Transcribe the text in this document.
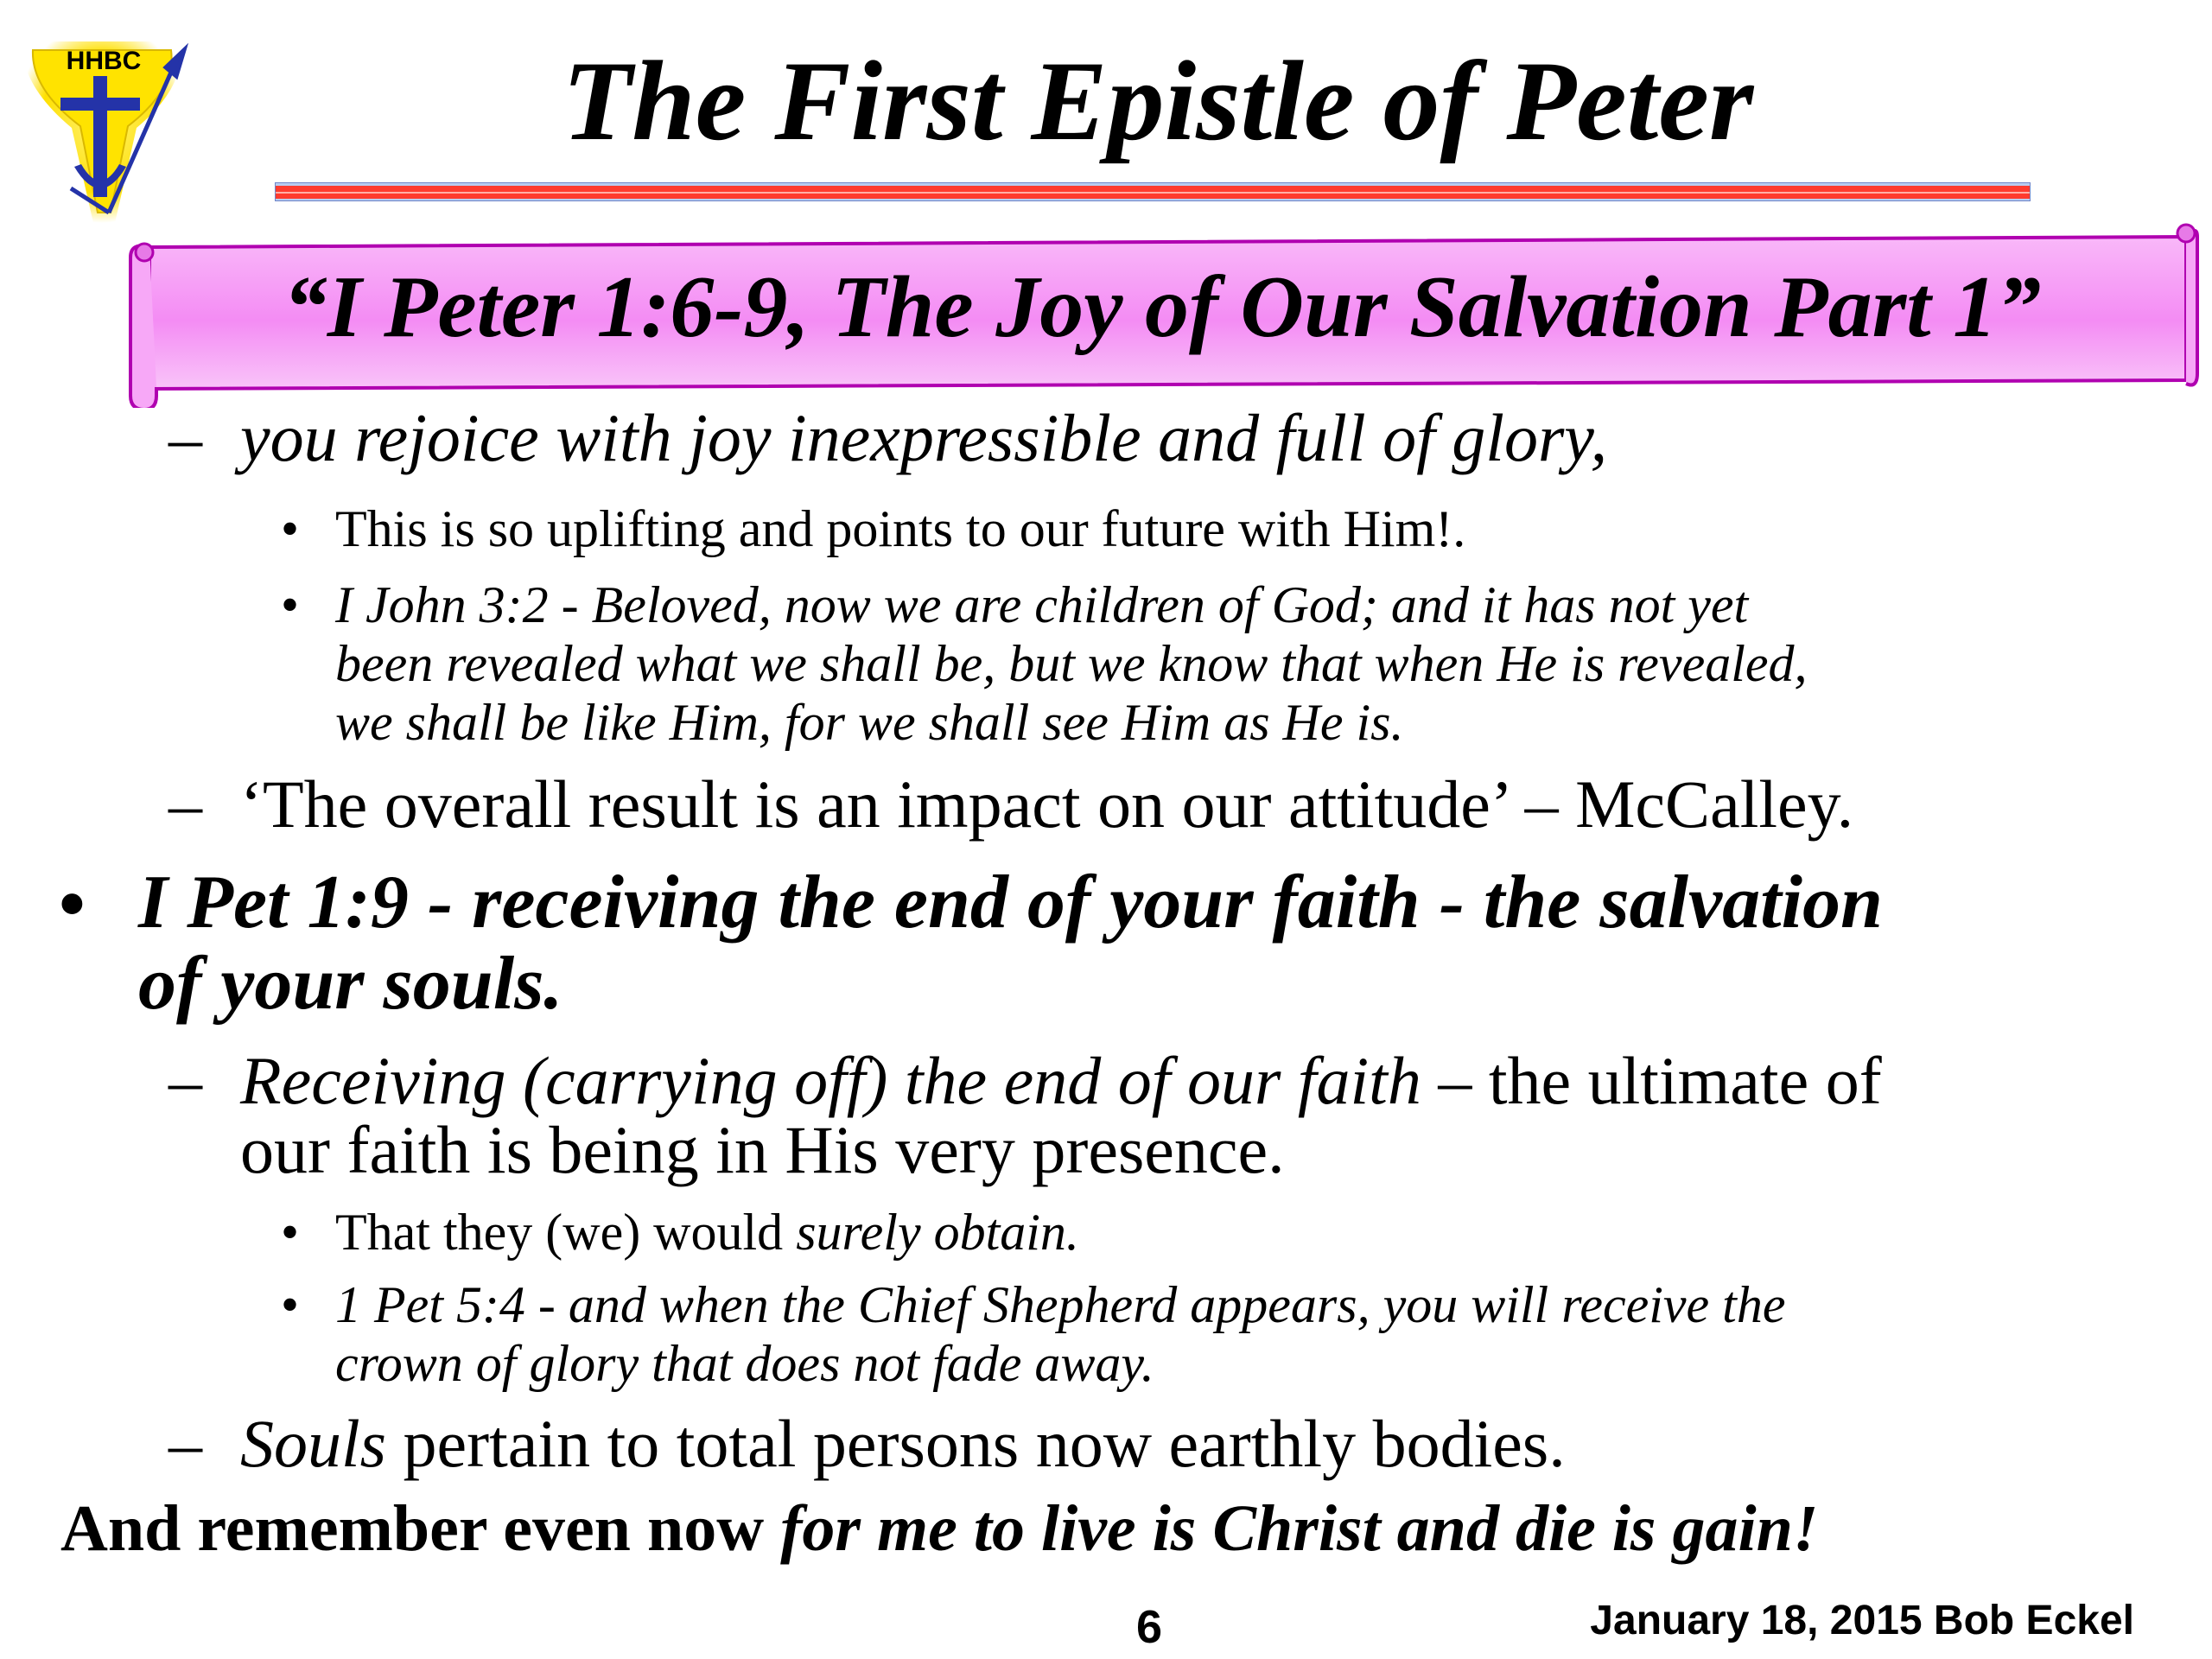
HHBC	The First Epistle of Peter
“I Peter 1:6-9, The Joy of Our Salvation Part 1”
– you rejoice with joy inexpressible and full of glory,
• This is so uplifting and points to our future with Him!.
• I John 3:2 - Beloved, now we are children of God; and it has not yet
been revealed what we shall be, but we know that when He is revealed,
we shall be like Him, for we shall see Him as He is.
– ‘The overall result is an impact on our attitude’ – McCalley.
• I Pet 1:9 - receiving the end of your faith - the salvation
of your souls.
– Receiving (carrying off) the end of our faith – the ultimate of
our faith is being in His very presence.
• That they (we) would surely obtain.
• 1 Pet 5:4 - and when the Chief Shepherd appears, you will receive the
crown of glory that does not fade away.
– Souls pertain to total persons now earthly bodies.
And remember even now for me to live is Christ and die is gain!
6	January 18, 2015 Bob Eckel
